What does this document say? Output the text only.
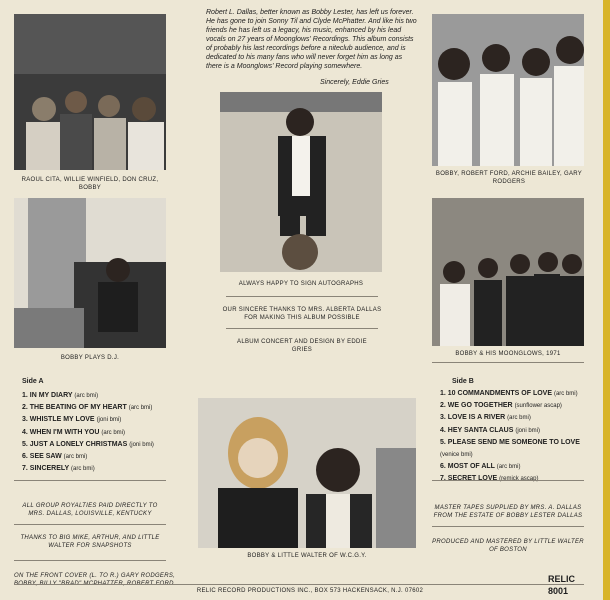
RAOUL CITA, WILLIE WINFIELD, DON CRUZ, BOBBY
Robert L. Dallas, better known as Bobby Lester, has left us forever. He has gone to join Sonny Til and Clyde McPhatter. And like his two friends he has left us a legacy, his music, enhanced by his lead vocals on 27 years of Moonglows' Recordings. This album consists of probably his last recordings before a niteclub audience, and is dedicated to his many fans who will never forget him as long as there is a Moonglows' Record playing somewhere.
Sincerely, Eddie Gries
BOBBY, ROBERT FORD, ARCHIE BAILEY, GARY RODGERS
ALWAYS HAPPY TO SIGN AUTOGRAPHS
OUR SINCERE THANKS TO MRS. ALBERTA DALLAS FOR MAKING THIS ALBUM POSSIBLE
ALBUM CONCERT AND DESIGN BY EDDIE GRIES
BOBBY PLAYS D.J.
BOBBY & HIS MOONGLOWS, 1971
Side A
1. IN MY DIARY (arc bmi)
2. THE BEATING OF MY HEART (arc bmi)
3. WHISTLE MY LOVE (joni bmi)
4. WHEN I'M WITH YOU (arc bmi)
5. JUST A LONELY CHRISTMAS (joni bmi)
6. SEE SAW (arc bmi)
7. SINCERELY (arc bmi)
ALL GROUP ROYALTIES PAID DIRECTLY TO MRS. DALLAS, LOUISVILLE, KENTUCKY
THANKS TO BIG MIKE, ARTHUR, AND LITTLE WALTER FOR SNAPSHOTS
ON THE FRONT COVER (L. TO R.) GARY RODGERS, BOBBY, BILLY "BRAD" MCPHATTER, ROBERT FORD
BOBBY & LITTLE WALTER OF W.C.G.Y.
Side B
1. 10 COMMANDMENTS OF LOVE (arc bmi)
2. WE GO TOGETHER (sunflower ascap)
3. LOVE IS A RIVER (arc bmi)
4. HEY SANTA CLAUS (joni bmi)
5. PLEASE SEND ME SOMEONE TO LOVE (venice bmi)
6. MOST OF ALL (arc bmi)
7. SECRET LOVE (remick ascap)
MASTER TAPES SUPPLIED BY MRS. A. DALLAS FROM THE ESTATE OF BOBBY LESTER DALLAS
PRODUCED AND MASTERED BY LITTLE WALTER OF BOSTON
RELIC RECORD PRODUCTIONS INC., BOX 573 HACKENSACK, N.J. 07602
RELIC
8001
